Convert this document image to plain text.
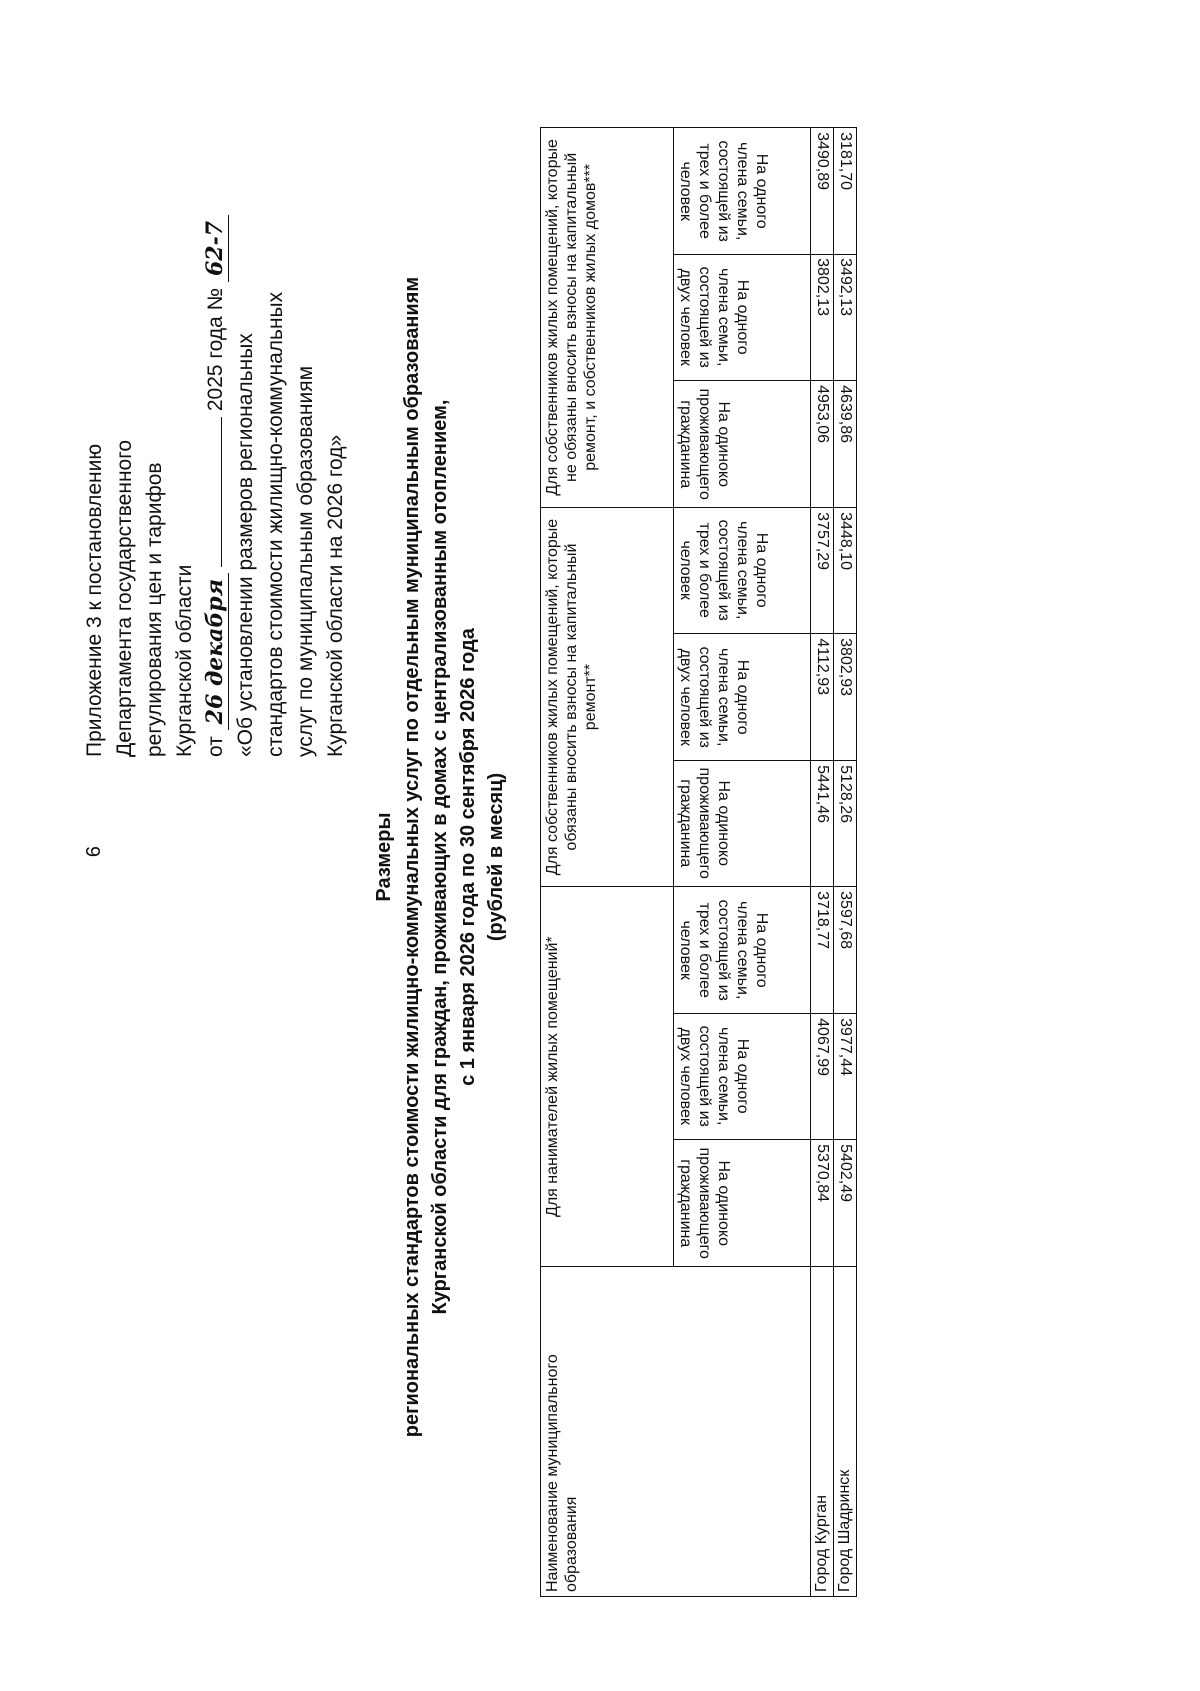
9
Приложение 3 к постановлению Департамента государственного регулирования цен и тарифов Курганской области от 26 декабря  2025 года № 62-7
«Об установлении размеров региональных стандартов стоимости жилищно-коммунальных услуг по муниципальным образованиям Курганской области на 2026 год»
Размеры региональных стандартов стоимости жилищно-коммунальных услуг по отдельным муниципальным образованиям Курганской области для граждан, проживающих в домах с централизованным отоплением, с 1 января 2026 года по 30 сентября 2026 года (рублей в месяц)
Наименование муниципального образования	Для нанимателей жилых помещений*			Для собственников жилых помещений, которые обязаны вносить взносы на капитальный ремонт**			Для собственников жилых помещений, которые не обязаны вносить взносы на капитальный ремонт, и собственников жилых домов***		
	На одиноко проживающего гражданина	На одного члена семьи, состоящей из двух человек	На одного члена семьи, состоящей из трех и более человек	На одиноко проживающего гражданина	На одного члена семьи, состоящей из двух человек	На одного члена семьи, состоящей из трех и более человек	На одиноко проживающего гражданина	На одного члена семьи, состоящей из двух человек	На одного члена семьи, состоящей из трех и более человек
Город Курган	5370,84	4067,99	3718,77	5441,46	4112,93	3757,29	4953,06	3802,13	3490,89
Город Шадринск	5402,49	3977,44	3597,68	5128,26	3802,93	3448,10	4639,86	3492,13	3181,70
